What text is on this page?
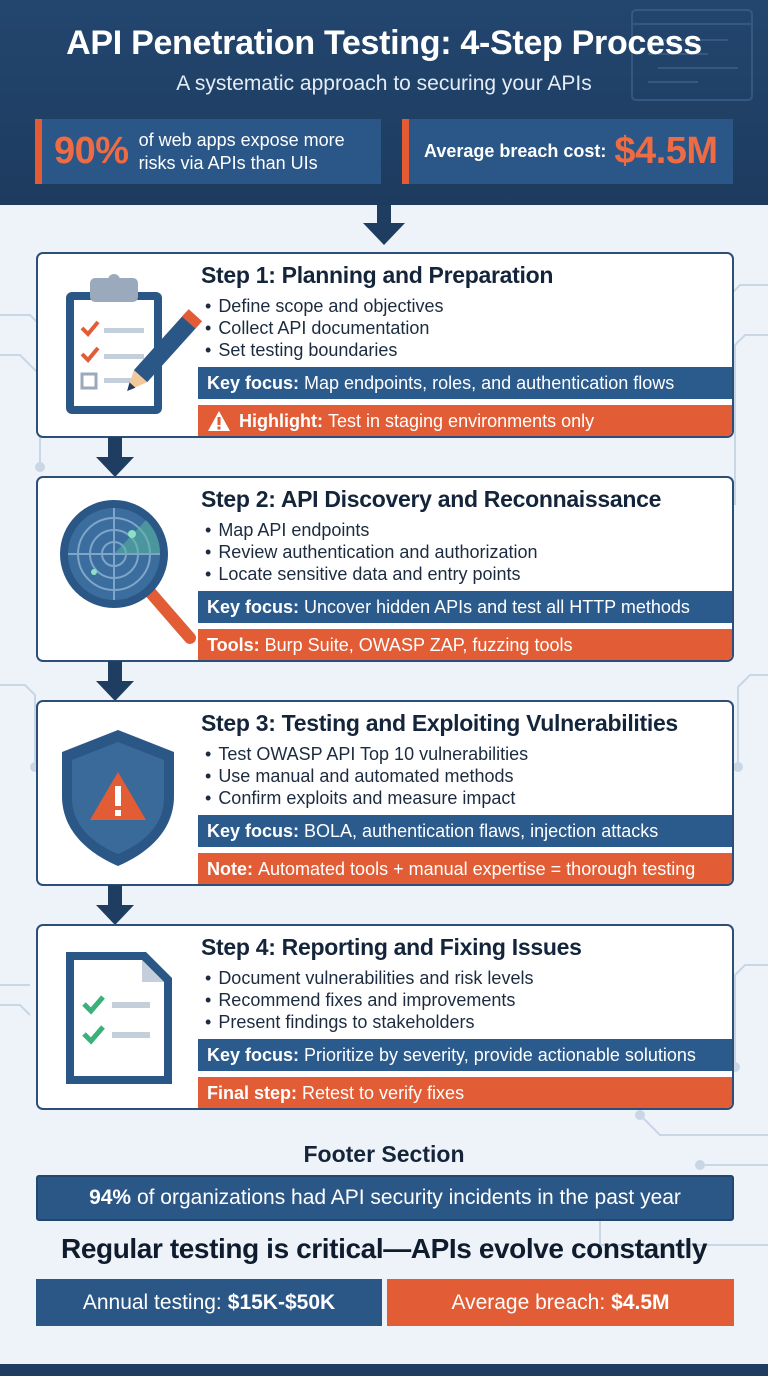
API Penetration Testing: 4-Step Process
A systematic approach to securing your APIs
90% of web apps expose more risks via APIs than UIs
Average breach cost: $4.5M
Step 1: Planning and Preparation
• Define scope and objectives
• Collect API documentation
• Set testing boundaries
Key focus: Map endpoints, roles, and authentication flows
Highlight: Test in staging environments only
Step 2: API Discovery and Reconnaissance
• Map API endpoints
• Review authentication and authorization
• Locate sensitive data and entry points
Key focus: Uncover hidden APIs and test all HTTP methods
Tools: Burp Suite, OWASP ZAP, fuzzing tools
Step 3: Testing and Exploiting Vulnerabilities
• Test OWASP API Top 10 vulnerabilities
• Use manual and automated methods
• Confirm exploits and measure impact
Key focus: BOLA, authentication flaws, injection attacks
Note: Automated tools + manual expertise = thorough testing
Step 4: Reporting and Fixing Issues
• Document vulnerabilities and risk levels
• Recommend fixes and improvements
• Present findings to stakeholders
Key focus: Prioritize by severity, provide actionable solutions
Final step: Retest to verify fixes
Footer Section
94% of organizations had API security incidents in the past year
Regular testing is critical—APIs evolve constantly
Annual testing: $15K-$50K	Average breach: $4.5M
